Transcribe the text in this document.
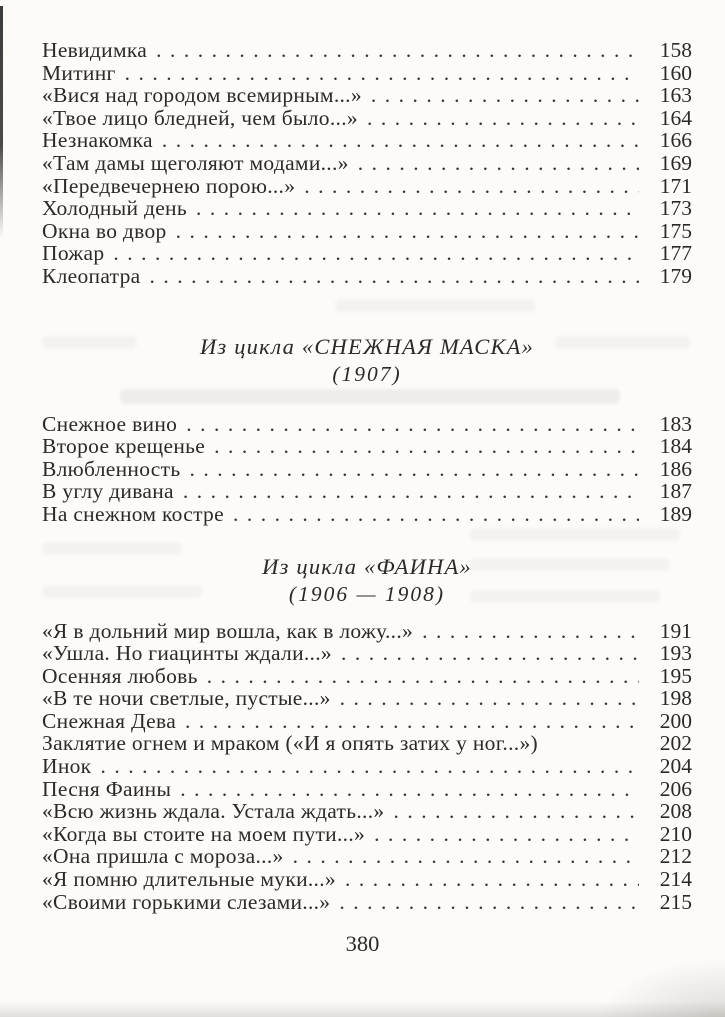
Невидимка .....	158
Митинг .....	160
«Вися над городом всемирным...» .....	163
«Твое лицо бледней, чем было...» .....	164
Незнакомка .....	166
«Там дамы щеголяют модами...» .....	169
«Передвечернею порою...» .....	171
Холодный день .....	173
Окна во двор .....	175
Пожар .....	177
Клеопатра .....	179
Из цикла «СНЕЖНАЯ МАСКА»
(1907)
Снежное вино .....	183
Второе крещенье .....	184
Влюбленность .....	186
В углу дивана .....	187
На снежном костре .....	189
Из цикла «ФАИНА»
(1906 — 1908)
«Я в дольний мир вошла, как в ложу...» .....	191
«Ушла. Но гиацинты ждали...» .....	193
Осенняя любовь .....	195
«В те ночи светлые, пустые...» .....	198
Снежная Дева .....	200
Заклятие огнем и мраком («И я опять затих у ног...»)	202
Инок .....	204
Песня Фаины .....	206
«Всю жизнь ждала. Устала ждать...» .....	208
«Когда вы стоите на моем пути...» .....	210
«Она пришла с мороза...» .....	212
«Я помню длительные муки...» .....	214
«Своими горькими слезами...» .....	215
380
